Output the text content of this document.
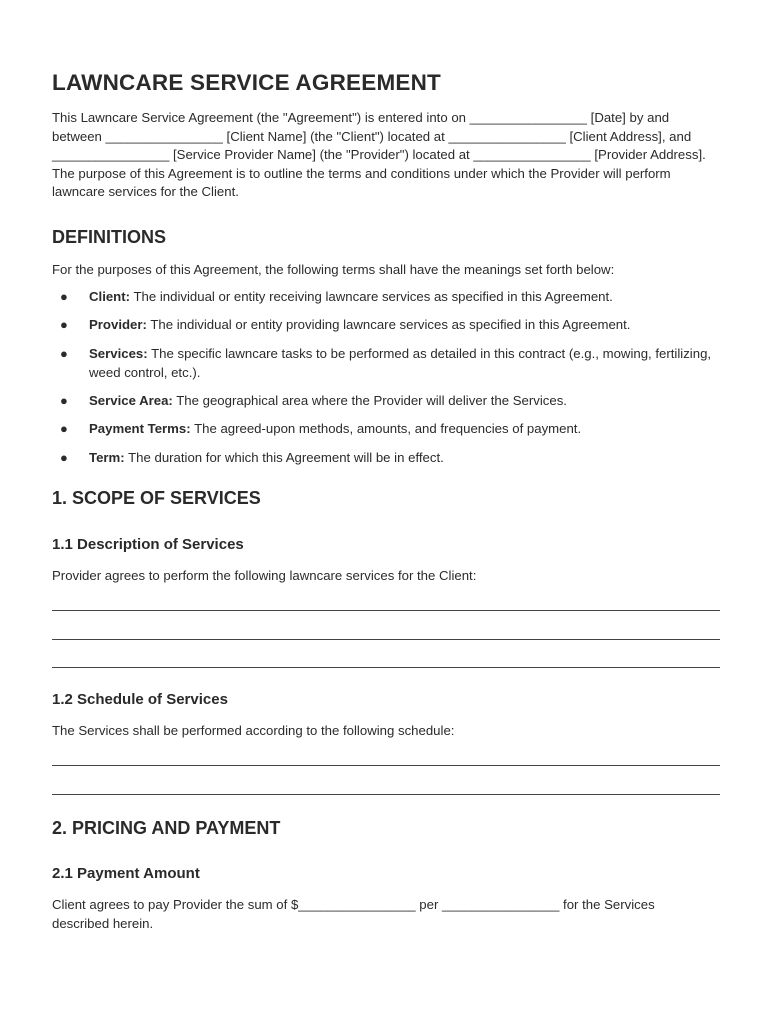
LAWNCARE SERVICE AGREEMENT

This Lawncare Service Agreement (the "Agreement") is entered into on ________________ [Date] by and between ________________ [Client Name] (the "Client") located at ________________ [Client Address], and ________________ [Service Provider Name] (the "Provider") located at ________________ [Provider Address]. The purpose of this Agreement is to outline the terms and conditions under which the Provider will perform lawncare services for the Client.

DEFINITIONS

For the purposes of this Agreement, the following terms shall have the meanings set forth below:

● Client: The individual or entity receiving lawncare services as specified in this Agreement.
● Provider: The individual or entity providing lawncare services as specified in this Agreement.
● Services: The specific lawncare tasks to be performed as detailed in this contract (e.g., mowing, fertilizing, weed control, etc.).
● Service Area: The geographical area where the Provider will deliver the Services.
● Payment Terms: The agreed-upon methods, amounts, and frequencies of payment.
● Term: The duration for which this Agreement will be in effect.
1. SCOPE OF SERVICES
1.1 Description of Services

Provider agrees to perform the following lawncare services for the Client:

1.2 Schedule of Services

The Services shall be performed according to the following schedule:

2. PRICING AND PAYMENT
2.1 Payment Amount

Client agrees to pay Provider the sum of $________________ per ________________ for the Services described herein.
